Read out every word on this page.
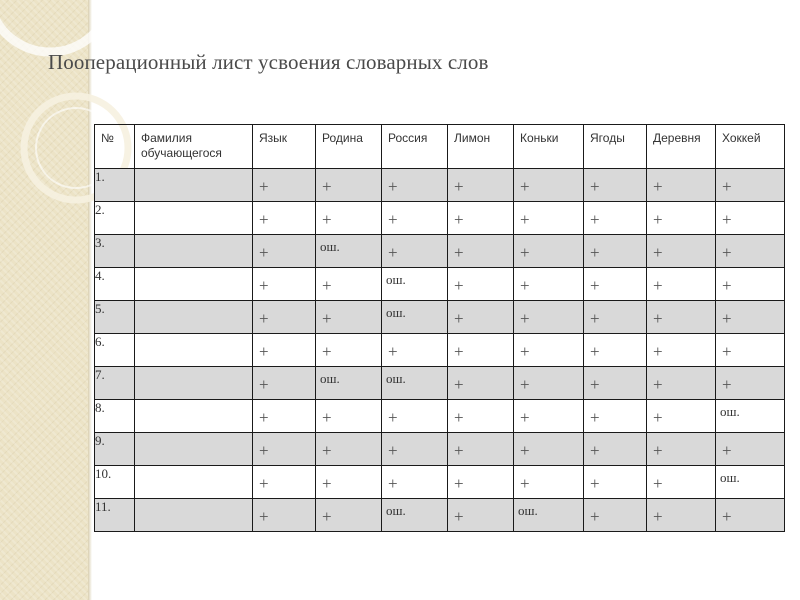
Пооперационный лист усвоения словарных слов
№	Фамилия обучающегося	Язык	Родина	Россия	Лимон	Коньки	Ягоды	Деревня	Хоккей
1.		+	+	+	+	+	+	+	+
2.		+	+	+	+	+	+	+	+
3.		+	ош.	+	+	+	+	+	+
4.		+	+	ош.	+	+	+	+	+
5.		+	+	ош.	+	+	+	+	+
6.		+	+	+	+	+	+	+	+
7.		+	ош.	ош.	+	+	+	+	+
8.		+	+	+	+	+	+	+	ош.
9.		+	+	+	+	+	+	+	+
10.		+	+	+	+	+	+	+	ош.
11.		+	+	ош.	+	ош.	+	+	+
